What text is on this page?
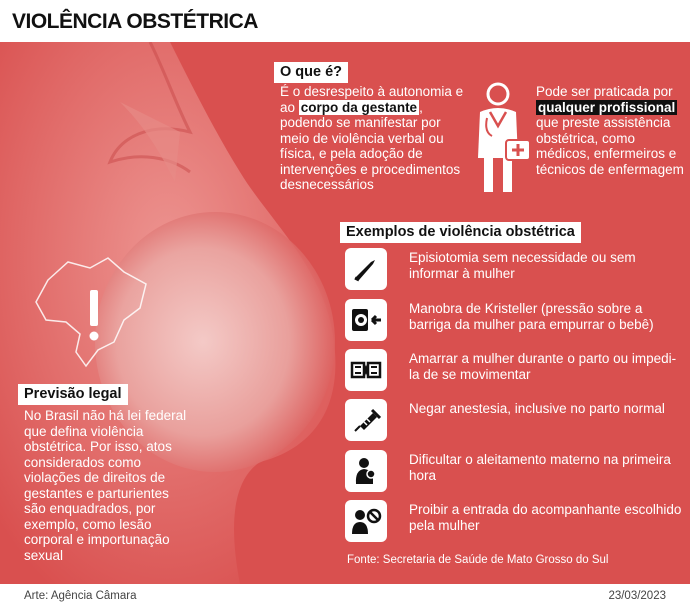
VIOLÊNCIA OBSTÉTRICA
O que é?
É o desrespeito à autonomia e ao corpo da gestante , podendo se manifestar por meio de violência verbal ou física, e pela adoção de intervenções e procedimentos desnecessários
Pode ser praticada por qualquer profissional que preste assistência obstétrica, como médicos, enfermeiros e técnicos de enfermagem
Exemplos de violência obstétrica
Episiotomia sem necessidade ou sem informar à mulher
Manobra de Kristeller (pressão sobre a barriga da mulher para empurrar o bebê)
Amarrar a mulher durante o parto ou impedi-la de se movimentar
Negar anestesia, inclusive no parto normal
Dificultar o aleitamento materno na primeira hora
Proibir a entrada do acompanhante escolhido pela mulher
Fonte: Secretaria de Saúde de Mato Grosso do Sul
Previsão legal
No Brasil não há lei federal que defina violência obstétrica. Por isso, atos considerados como violações de direitos de gestantes e parturientes são enquadrados, por exemplo, como lesão corporal e importunação sexual
Arte: Agência Câmara	23/03/2023
